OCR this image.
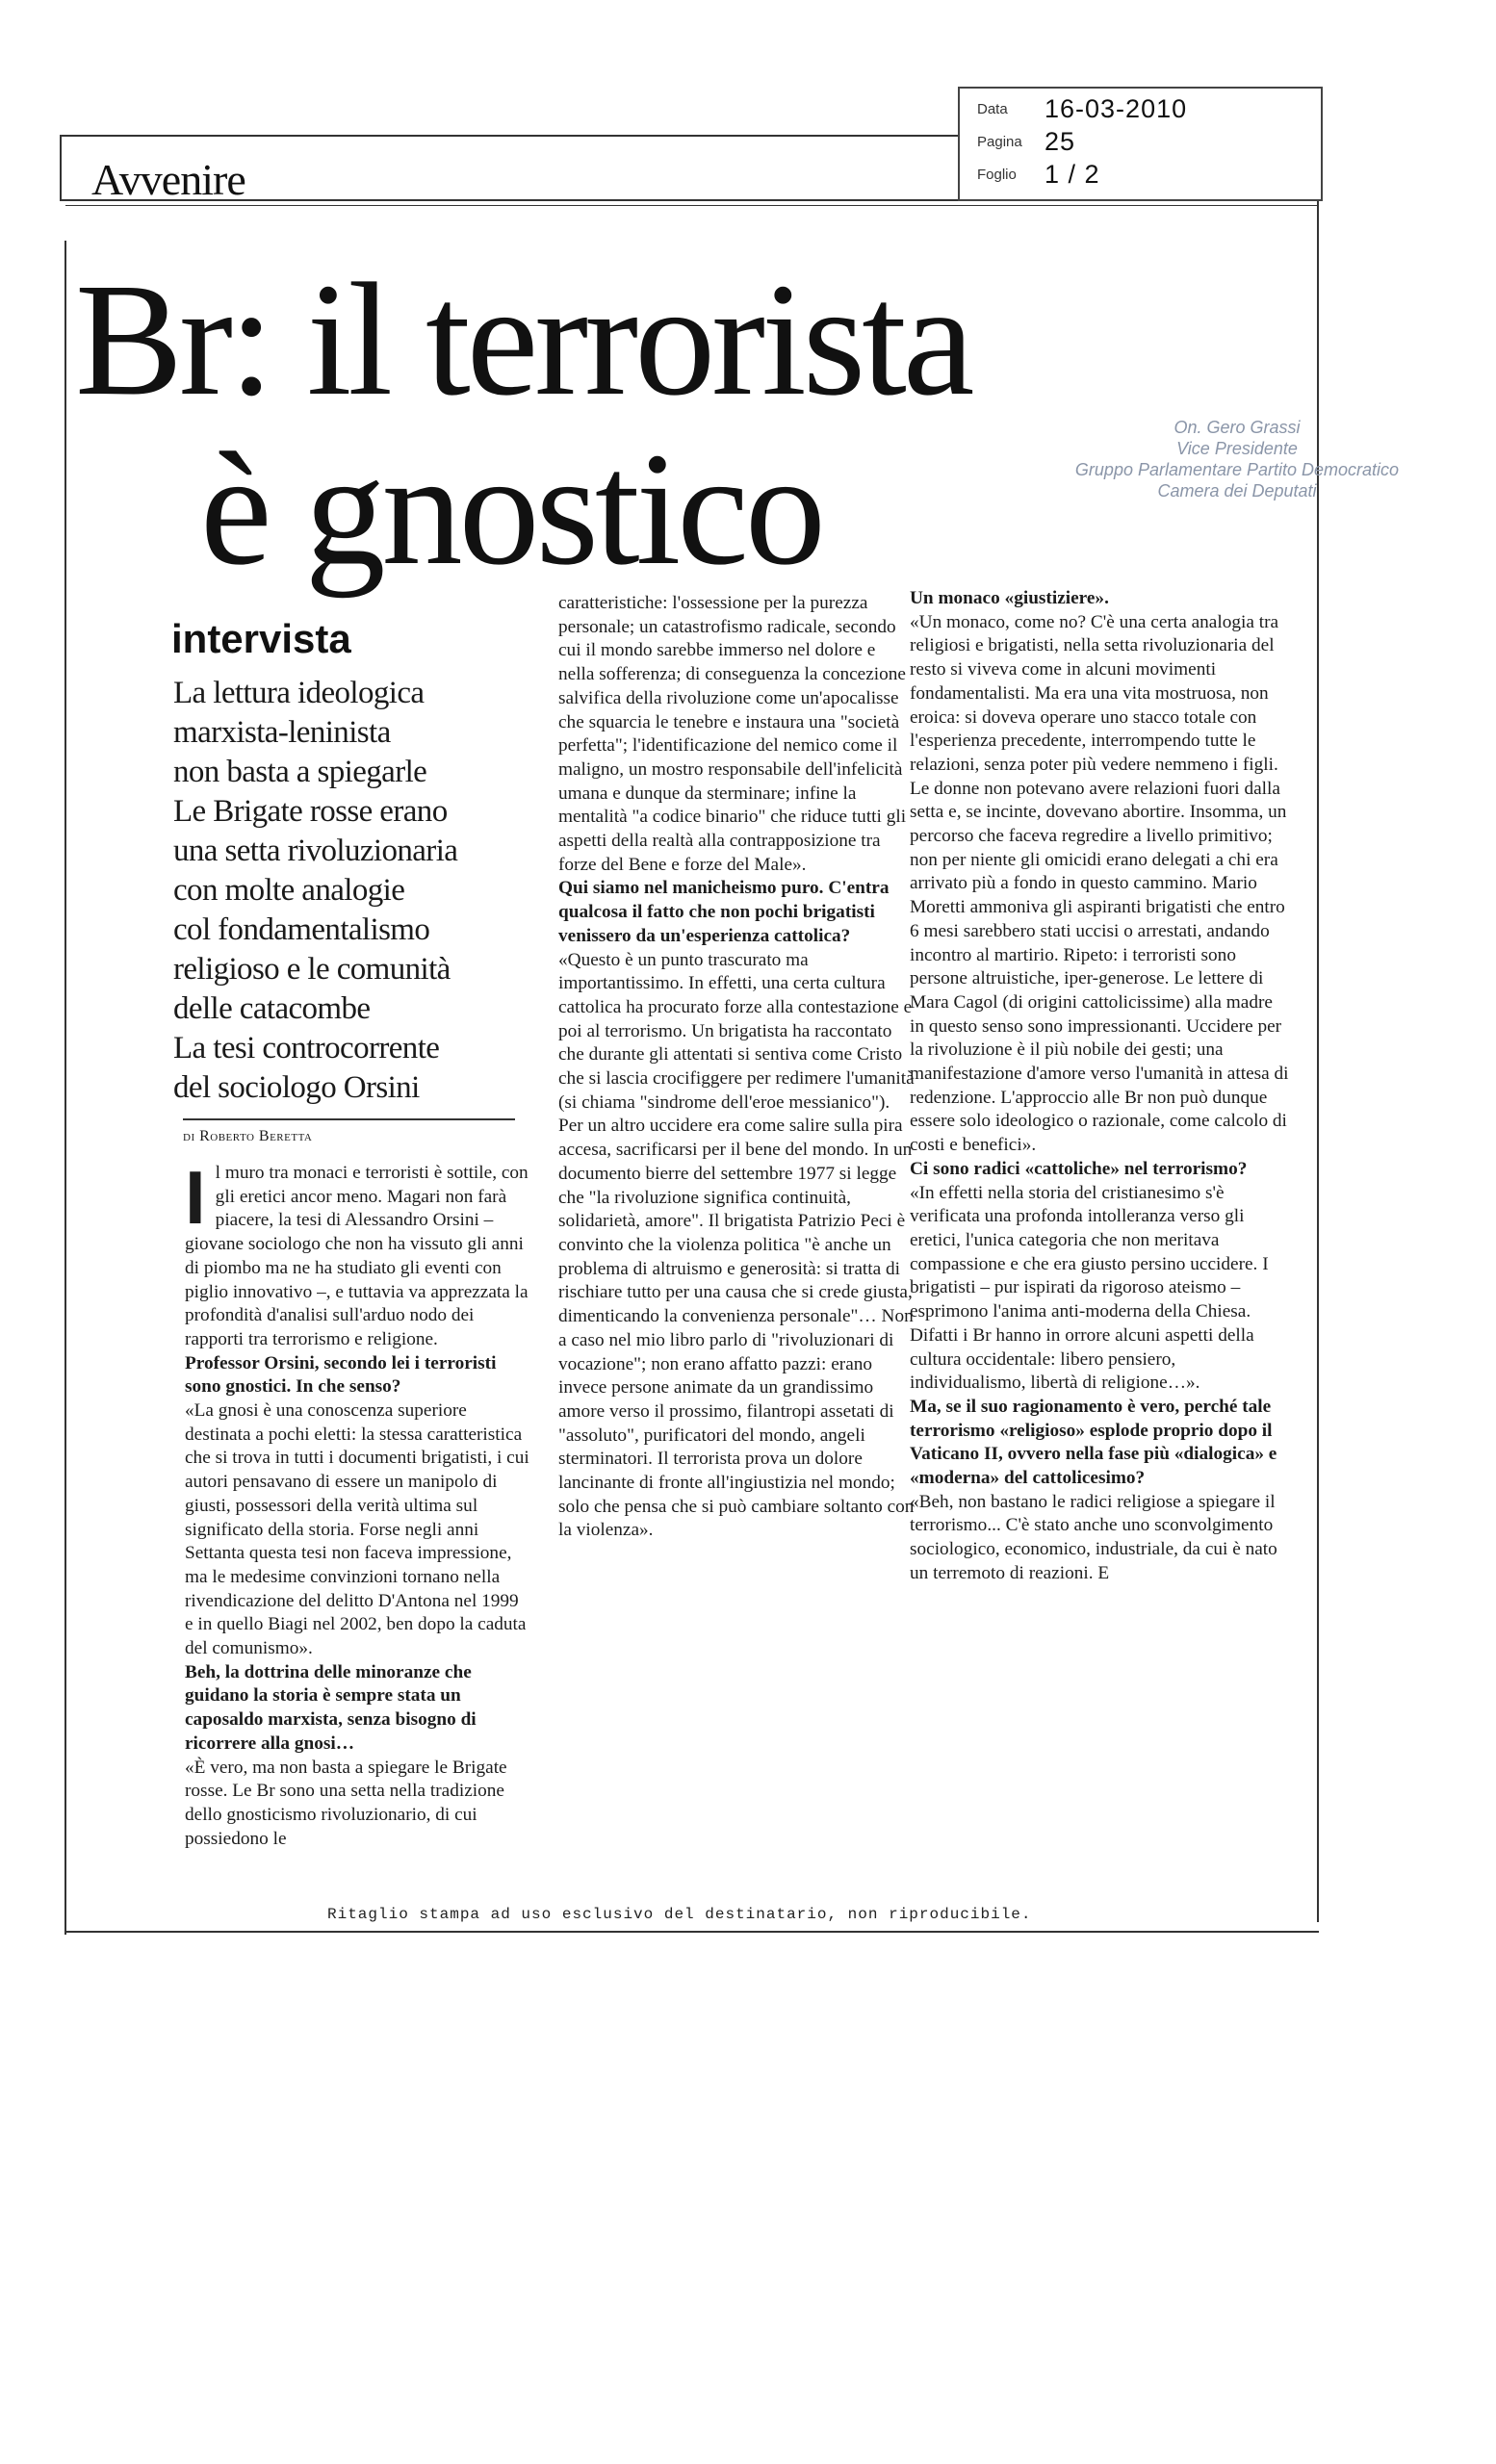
Avvenire
Data 16-03-2010
Pagina 25
Foglio 1 / 2
Br: il terrorista
è gnostico	On. Gero Grassi
Vice Presidente
Gruppo Parlamentare Partito Democratico
Camera dei Deputati
intervista
La lettura ideologica
marxista-leninista
non basta a spiegarle
Le Brigate rosse erano
una setta rivoluzionaria
con molte analogie
col fondamentalismo
religioso e le comunità
delle catacombe
La tesi controcorrente
del sociologo Orsini
di Roberto Beretta
I l muro tra monaci e terroristi è sottile, con gli eretici ancor meno. Magari non farà piacere, la tesi di Alessandro Orsini – giovane sociologo che non ha vissuto gli anni di piombo ma ne ha studiato gli eventi con piglio innovativo –, e tuttavia va apprezzata la profondità d'analisi sull'arduo nodo dei rapporti tra terrorismo e religione.

Professor Orsini, secondo lei i terroristi sono gnostici. In che senso?

«La gnosi è una conoscenza superiore destinata a pochi eletti: la stessa caratteristica che si trova in tutti i documenti brigatisti, i cui autori pensavano di essere un manipolo di giusti, possessori della verità ultima sul significato della storia. Forse negli anni Settanta questa tesi non faceva impressione, ma le medesime convinzioni tornano nella rivendicazione del delitto D'Antona nel 1999 e in quello Biagi nel 2002, ben dopo la caduta del comunismo».

Beh, la dottrina delle minoranze che guidano la storia è sempre stata un caposaldo marxista, senza bisogno di ricorrere alla gnosi…

«È vero, ma non basta a spiegare le Brigate rosse. Le Br sono una setta nella tradizione dello gnosticismo rivoluzionario, di cui possiedono le

caratteristiche: l'ossessione per la purezza personale; un catastrofismo radicale, secondo cui il mondo sarebbe immerso nel dolore e nella sofferenza; di conseguenza la concezione salvifica della rivoluzione come un'apocalisse che squarcia le tenebre e instaura una "società perfetta"; l'identificazione del nemico come il maligno, un mostro responsabile dell'infelicità umana e dunque da sterminare; infine la mentalità "a codice binario" che riduce tutti gli aspetti della realtà alla contrapposizione tra forze del Bene e forze del Male».

Qui siamo nel manicheismo puro. C'entra qualcosa il fatto che non pochi brigatisti venissero da un'esperienza cattolica?

«Questo è un punto trascurato ma importantissimo. In effetti, una certa cultura cattolica ha procurato forze alla contestazione e poi al terrorismo. Un brigatista ha raccontato che durante gli attentati si sentiva come Cristo che si lascia crocifiggere per redimere l'umanità (si chiama "sindrome dell'eroe messianico"). Per un altro uccidere era come salire sulla pira accesa, sacrificarsi per il bene del mondo. In un documento bierre del settembre 1977 si legge che "la rivoluzione significa continuità, solidarietà, amore". Il brigatista Patrizio Peci è convinto che la violenza politica "è anche un problema di altruismo e generosità: si tratta di rischiare tutto per una causa che si crede giusta, dimenticando la convenienza personale"… Non a caso nel mio libro parlo di "rivoluzionari di vocazione"; non erano affatto pazzi: erano invece persone animate da un grandissimo amore verso il prossimo, filantropi assetati di "assoluto", purificatori del mondo, angeli sterminatori. Il terrorista prova un dolore lancinante di fronte all'ingiustizia nel mondo; solo che pensa che si può cambiare soltanto con la violenza».

Un monaco «giustiziere».

«Un monaco, come no? C'è una certa analogia tra religiosi e brigatisti, nella setta rivoluzionaria del resto si viveva come in alcuni movimenti fondamentalisti. Ma era una vita mostruosa, non eroica: si doveva operare uno stacco totale con l'esperienza precedente, interrompendo tutte le relazioni, senza poter più vedere nemmeno i figli. Le donne non potevano avere relazioni fuori dalla setta e, se incinte, dovevano abortire. Insomma, un percorso che faceva regredire a livello primitivo; non per niente gli omicidi erano delegati a chi era arrivato più a fondo in questo cammino. Mario Moretti ammoniva gli aspiranti brigatisti che entro 6 mesi sarebbero stati uccisi o arrestati, andando incontro al martirio. Ripeto: i terroristi sono persone altruistiche, iper-generose. Le lettere di Mara Cagol (di origini cattolicissime) alla madre in questo senso sono impressionanti. Uccidere per la rivoluzione è il più nobile dei gesti; una manifestazione d'amore verso l'umanità in attesa di redenzione. L'approccio alle Br non può dunque essere solo ideologico o razionale, come calcolo di costi e benefici».

Ci sono radici «cattoliche» nel terrorismo?

«In effetti nella storia del cristianesimo s'è verificata una profonda intolleranza verso gli eretici, l'unica categoria che non meritava compassione e che era giusto persino uccidere. I brigatisti – pur ispirati da rigoroso ateismo – esprimono l'anima anti-moderna della Chiesa. Difatti i Br hanno in orrore alcuni aspetti della cultura occidentale: libero pensiero, individualismo, libertà di religione…».

Ma, se il suo ragionamento è vero, perché tale terrorismo «religioso» esplode proprio dopo il Vaticano II, ovvero nella fase più «dialogica» e «moderna» del cattolicesimo?

«Beh, non bastano le radici religiose a spiegare il terrorismo... C'è stato anche uno sconvolgimento sociologico, economico, industriale, da cui è nato un terremoto di reazioni. E

Ritaglio stampa ad uso esclusivo del destinatario, non riproducibile.
